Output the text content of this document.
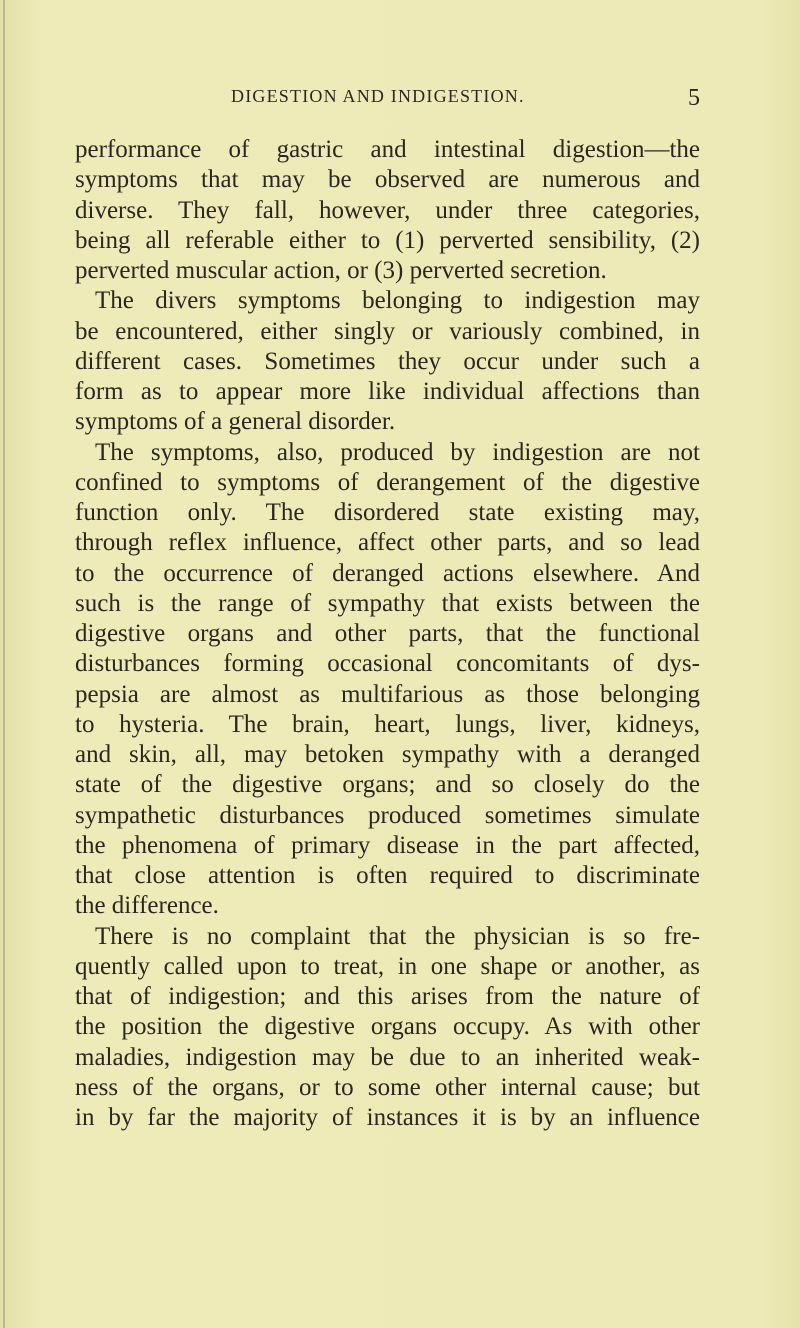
DIGESTION AND INDIGESTION.	5
performance of gastric and intestinal digestion—the
symptoms that may be observed are numerous and
diverse. They fall, however, under three categories,
being all referable either to (1) perverted sensibility, (2)
perverted muscular action, or (3) perverted secretion.
The divers symptoms belonging to indigestion may
be encountered, either singly or variously combined, in
different cases. Sometimes they occur under such a
form as to appear more like individual affections than
symptoms of a general disorder.
The symptoms, also, produced by indigestion are not
confined to symptoms of derangement of the digestive
function only. The disordered state existing may,
through reflex influence, affect other parts, and so lead
to the occurrence of deranged actions elsewhere. And
such is the range of sympathy that exists between the
digestive organs and other parts, that the functional
disturbances forming occasional concomitants of dys-
pepsia are almost as multifarious as those belonging
to hysteria. The brain, heart, lungs, liver, kidneys,
and skin, all, may betoken sympathy with a deranged
state of the digestive organs; and so closely do the
sympathetic disturbances produced sometimes simulate
the phenomena of primary disease in the part affected,
that close attention is often required to discriminate
the difference.
There is no complaint that the physician is so fre-
quently called upon to treat, in one shape or another, as
that of indigestion; and this arises from the nature of
the position the digestive organs occupy. As with other
maladies, indigestion may be due to an inherited weak-
ness of the organs, or to some other internal cause; but
in by far the majority of instances it is by an influence
